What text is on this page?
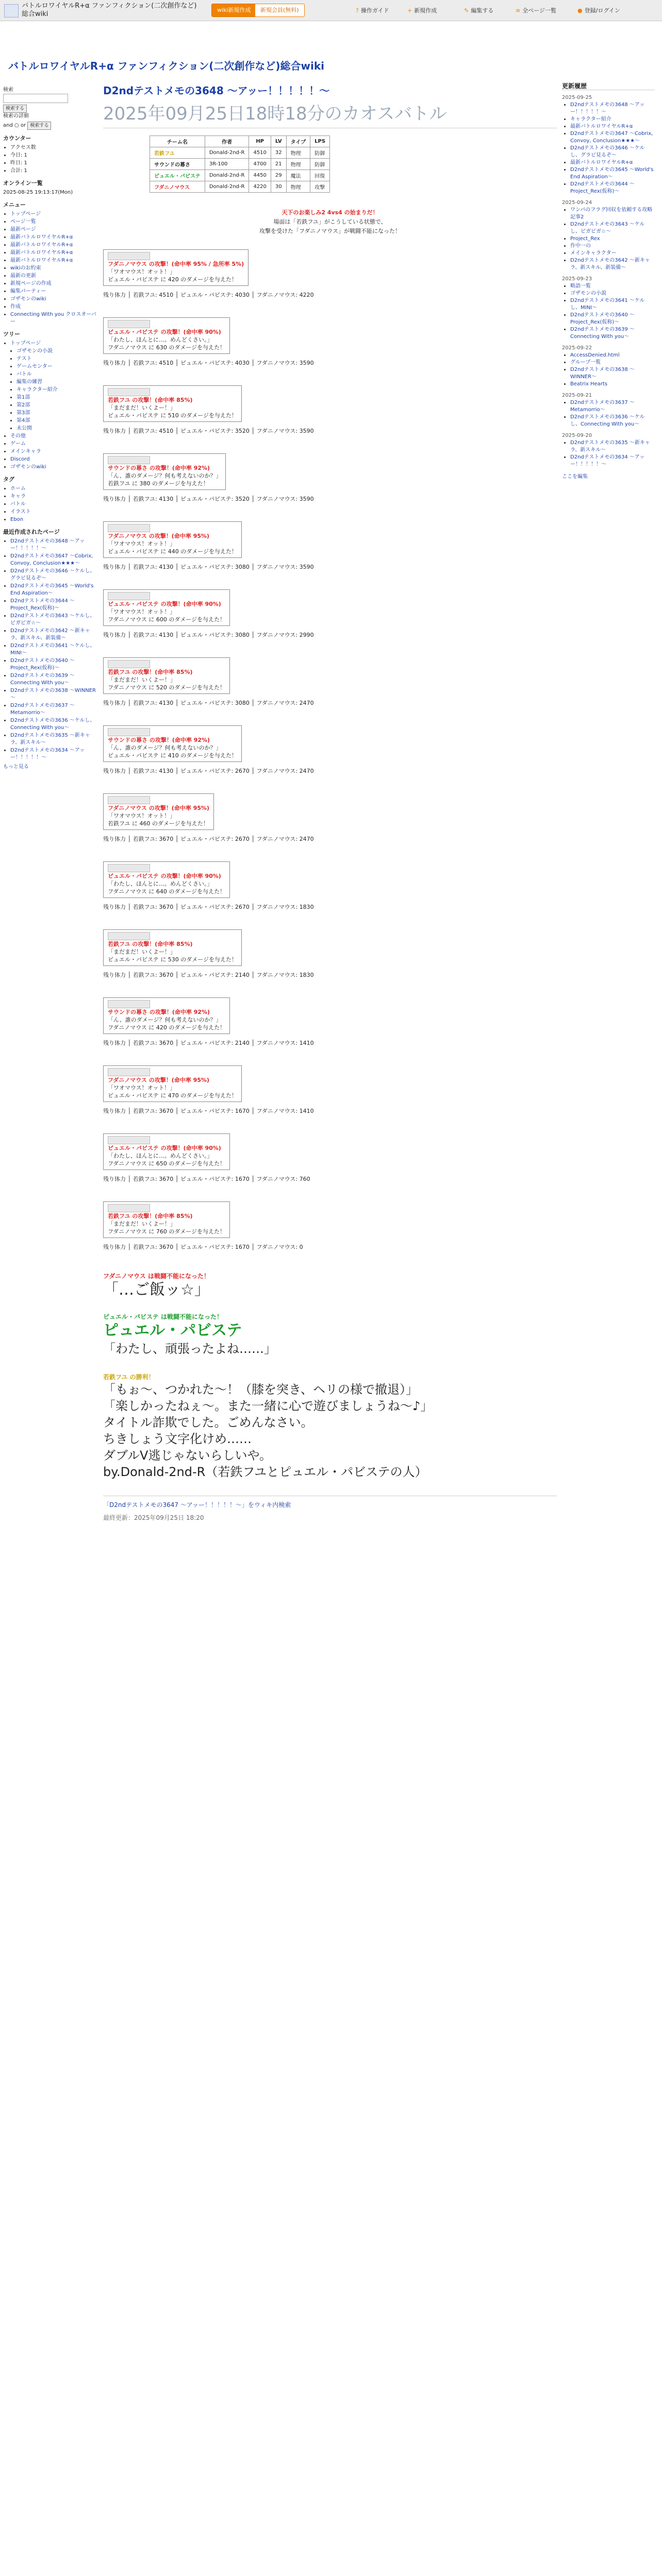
バトルロワイヤルR+α ファンフィクション(二次創作など)総合wiki
wiki新規作成	新規会員(無料)	? 操作ガイド	+ 新規作成	✎ 編集する	≡ 全ページ一覧	● 登録/ログイン
バトルロワイヤルR+α ファンフィクション(二次創作など)総合wiki
検索
検索する
検索の詳細
and ○ or 検索する
カウンター
• アクセス数
• 今日: 1
• 昨日: 1
• 合計: 1
オンライン一覧
2025-08-25 19:13:17(Mon)
メニュー
• トップページ
• ページ一覧
• 最新ページ
• 最新バトルロワイヤルR+α
• 最新バトルロワイヤルR+α
• 最新バトルロワイヤルR+α
• 最新バトルロワイヤルR+α
• wikiのお約束
• 最新の更新
• 新規ページの作成
• 編集パーティー
• ゴザモンのwiki
• 作成
• Connecting With you クロスオーバー
ツリー
• トップページ
• ゴザモンの小説
• テスト
• ゲームセンター
• バトル
• 編集の練習
• キャラクター紹介
• 第1部
• 第2部
• 第3部
• 第4部
• 未公開
• その他
• ゲーム
• メインキャラ
• Discord
• ゴザモンのwiki
タグ
• ホーム
• キャラ
• バトル
• イラスト
• Ebon
最近作成されたページ
• D2ndテストメモの3648 ～アッー！！！！！～
• D2ndテストメモの3647 ～Cobrix, Convoy, Conclusion★★★～
• D2ndテストメモの3646 ～ケルし、グラビ見るぞ～
• D2ndテストメモの3645 ～World's End Aspiration～
• D2ndテストメモの3644 ～Project_Rex(仮称)～
• D2ndテストメモの3643 ～ケルし、ビガビガ☆～
• D2ndテストメモの3642 ～新キャラ、新スキル、新装備～
• D2ndテストメモの3641 ～ケルし、MINI～
• D2ndテストメモの3640 ～Project_Rex(仮称)～
• D2ndテストメモの3639 ～Connecting With you～
• D2ndテストメモの3638 ～WINNER～
• D2ndテストメモの3637 ～Metamorrio～
• D2ndテストメモの3636 ～ケルし、Connecting With you～
• D2ndテストメモの3635 ～新キャラ、新スキル～
• D2ndテストメモの3634 ～アッー！！！！！～
もっと見る
D2ndテストメモの3648 ～アッー！！！！！～
2025年09月25日18時18分のカオスバトル
チーム名	作者	HP	LV	タイプ	LPS
若鉄フユ	Donald-2nd-R	4510	32	物理	防御
サウンドの幕さ	3R-100	4700	21	物理	防御
ピュエル・パビステ	Donald-2nd-R	4450	29	魔法	回復
フダニノマウス	Donald-2nd-R	4220	30	物理	攻撃
天下のお楽しみ2 4vs4 の始まりだ！
場面は「若鉄フユ」がこうしている状態で、
攻撃を受けた「フダニノマウス」が戦闘不能になった！
フダニノマウス の攻撃！(命中率 95% / 急所率 5%)
「ワオマウス！オット！」
ピュエル・パビステ に 420 のダメージを与えた！
残り体力 │ 若鉄フユ: 4510 │ ピュエル・パビステ: 4030 │ フダニノマウス: 4220
ピュエル・パビステ の攻撃！(命中率 90%)
「わたし、ほんとに…。めんどくさい。」
フダニノマウス に 630 のダメージを与えた！
残り体力 │ 若鉄フユ: 4510 │ ピュエル・パビステ: 4030 │ フダニノマウス: 3590
若鉄フユ の攻撃！(命中率 85%)
「まだまだ！いくよー！」
ピュエル・パビステ に 510 のダメージを与えた！
残り体力 │ 若鉄フユ: 4510 │ ピュエル・パビステ: 3520 │ フダニノマウス: 3590
サウンドの幕さ の攻撃！(命中率 92%)
「ん、誰のダメージ？何も考えないのか？」
若鉄フユ に 380 のダメージを与えた！
残り体力 │ 若鉄フユ: 4130 │ ピュエル・パビステ: 3520 │ フダニノマウス: 3590
フダニノマウス の攻撃！(命中率 95%)
「ワオマウス！オット！」
ピュエル・パビステ に 440 のダメージを与えた！
残り体力 │ 若鉄フユ: 4130 │ ピュエル・パビステ: 3080 │ フダニノマウス: 3590
ピュエル・パビステ の攻撃！(命中率 90%)
「ワオマウス！オット！」
フダニノマウス に 600 のダメージを与えた！
残り体力 │ 若鉄フユ: 4130 │ ピュエル・パビステ: 3080 │ フダニノマウス: 2990
若鉄フユ の攻撃！(命中率 85%)
「まだまだ！いくよー！」
フダニノマウス に 520 のダメージを与えた！
残り体力 │ 若鉄フユ: 4130 │ ピュエル・パビステ: 3080 │ フダニノマウス: 2470
サウンドの幕さ の攻撃！(命中率 92%)
「ん、誰のダメージ？何も考えないのか？」
ピュエル・パビステ に 410 のダメージを与えた！
残り体力 │ 若鉄フユ: 4130 │ ピュエル・パビステ: 2670 │ フダニノマウス: 2470
フダニノマウス の攻撃！(命中率 95%)
「ワオマウス！オット！」
若鉄フユ に 460 のダメージを与えた！
残り体力 │ 若鉄フユ: 3670 │ ピュエル・パビステ: 2670 │ フダニノマウス: 2470
ピュエル・パビステ の攻撃！(命中率 90%)
「わたし、ほんとに…。めんどくさい。」
フダニノマウス に 640 のダメージを与えた！
残り体力 │ 若鉄フユ: 3670 │ ピュエル・パビステ: 2670 │ フダニノマウス: 1830
若鉄フユ の攻撃！(命中率 85%)
「まだまだ！いくよー！」
ピュエル・パビステ に 530 のダメージを与えた！
残り体力 │ 若鉄フユ: 3670 │ ピュエル・パビステ: 2140 │ フダニノマウス: 1830
サウンドの幕さ の攻撃！(命中率 92%)
「ん、誰のダメージ？何も考えないのか？」
フダニノマウス に 420 のダメージを与えた！
残り体力 │ 若鉄フユ: 3670 │ ピュエル・パビステ: 2140 │ フダニノマウス: 1410
フダニノマウス の攻撃！(命中率 95%)
「ワオマウス！オット！」
ピュエル・パビステ に 470 のダメージを与えた！
残り体力 │ 若鉄フユ: 3670 │ ピュエル・パビステ: 1670 │ フダニノマウス: 1410
ピュエル・パビステ の攻撃！(命中率 90%)
「わたし、ほんとに…。めんどくさい。」
フダニノマウス に 650 のダメージを与えた！
残り体力 │ 若鉄フユ: 3670 │ ピュエル・パビステ: 1670 │ フダニノマウス: 760
若鉄フユ の攻撃！(命中率 85%)
「まだまだ！いくよー！」
フダニノマウス に 760 のダメージを与えた！
残り体力 │ 若鉄フユ: 3670 │ ピュエル・パビステ: 1670 │ フダニノマウス: 0
フダニノマウス は戦闘不能になった！
「…ご飯ッ☆」
ピュエル・パビステ は戦闘不能になった！
ピュエル・パビステ
「わたし、頑張ったよね……」
若鉄フユ の勝利！
「もぉ～、つかれた～！（膝を突き、ヘリの様で撤退）」
「楽しかったねぇ～。また一緒に心で遊びましょうね～♪」
タイトル詐欺でした。ごめんなさい。
ちきしょう文字化けめ……
ダブルV逃じゃないらしいや。
by.Donald-2nd-R（若鉄フユとピュエル・パビステの人）
「D2ndテストメモの3647 ～アッー！！！！！～」をウィキ内検索
最終更新：2025年09月25日 18:20
更新履歴
2025-09-25
• D2ndテストメモの3648 ～アッー！！！！！～
• キャラクター紹介
• 最新バトルロワイヤルR+α
• D2ndテストメモの3647 ～Cobrix, Convoy, Conclusion★★★～
• D2ndテストメモの3646 ～ケルし、グラビ見るぞ～
• 最新バトルロワイヤルR+α
• D2ndテストメモの3645 ～World's End Aspiration～
• D2ndテストメモの3644 ～Project_Rex(仮称)～
2025-09-24
• ワンパのフラグ回収を依頼する攻略記事2
• D2ndテストメモの3643 ～ケルし、ビガビガ☆～
• Project_Rex
• 作中一の
• メインキャラクター
• D2ndテストメモの3642 ～新キャラ、新スキル、新装備～
2025-09-23
• 略語一覧
• ゴザモンの小説
• D2ndテストメモの3641 ～ケルし、MINI～
• D2ndテストメモの3640 ～Project_Rex(仮称)～
• D2ndテストメモの3639 ～Connecting With you～
2025-09-22
• AccessDenied.html
• グループ一覧
• D2ndテストメモの3638 ～WINNER～
• Beatrix Hearts
2025-09-21
• D2ndテストメモの3637 ～Metamorrio～
• D2ndテストメモの3636 ～ケルし、Connecting With you～
2025-09-20
• D2ndテストメモの3635 ～新キャラ、新スキル～
• D2ndテストメモの3634 ～アッー！！！！！～
ここを編集
